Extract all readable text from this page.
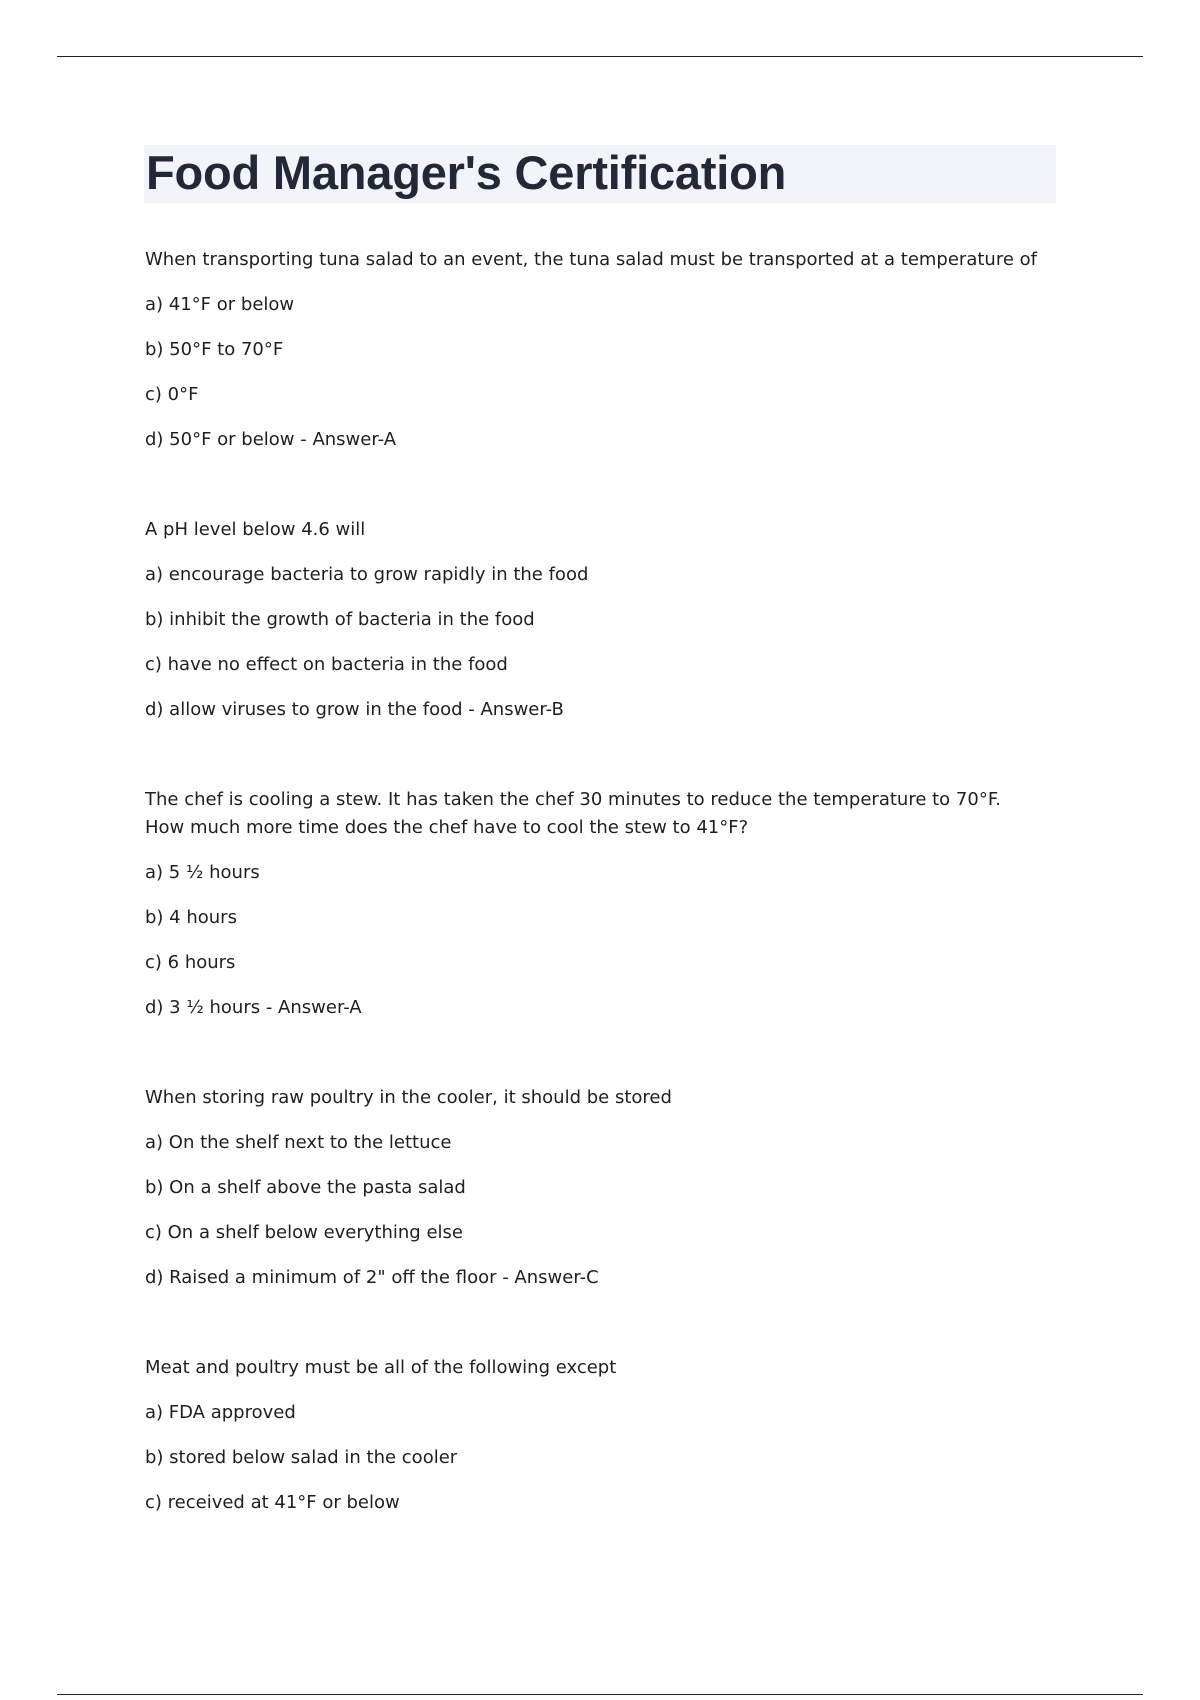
Food Manager's Certification

When transporting tuna salad to an event, the tuna salad must be transported at a temperature of

a) 41°F or below

b) 50°F to 70°F

c) 0°F

d) 50°F or below - Answer-A

A pH level below 4.6 will

a) encourage bacteria to grow rapidly in the food

b) inhibit the growth of bacteria in the food

c) have no effect on bacteria in the food

d) allow viruses to grow in the food - Answer-B

The chef is cooling a stew. It has taken the chef 30 minutes to reduce the temperature to 70°F. How much more time does the chef have to cool the stew to 41°F?

a) 5 ½ hours

b) 4 hours

c) 6 hours

d) 3 ½ hours - Answer-A

When storing raw poultry in the cooler, it should be stored

a) On the shelf next to the lettuce

b) On a shelf above the pasta salad

c) On a shelf below everything else

d) Raised a minimum of 2" off the floor - Answer-C

Meat and poultry must be all of the following except

a) FDA approved

b) stored below salad in the cooler

c) received at 41°F or below
